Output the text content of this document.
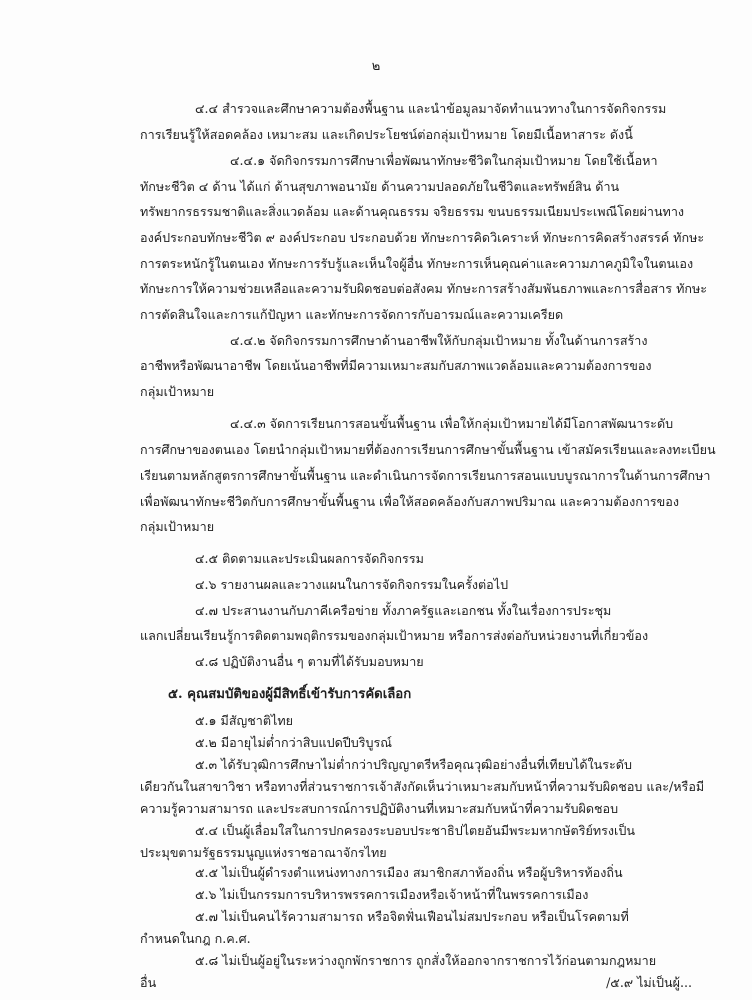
๒
๔.๔ สำรวจและศึกษาความต้องพื้นฐาน และนำข้อมูลมาจัดทำแนวทางในการจัดกิจกรรม
การเรียนรู้ให้สอดคล้อง เหมาะสม และเกิดประโยชน์ต่อกลุ่มเป้าหมาย โดยมีเนื้อหาสาระ ดังนี้
๔.๔.๑ จัดกิจกรรมการศึกษาเพื่อพัฒนาทักษะชีวิตในกลุ่มเป้าหมาย โดยใช้เนื้อหา
ทักษะชีวิต ๔ ด้าน ได้แก่ ด้านสุขภาพอนามัย ด้านความปลอดภัยในชีวิตและทรัพย์สิน ด้าน
ทรัพยากรธรรมชาติและสิ่งแวดล้อม และด้านคุณธรรม จริยธรรม ขนบธรรมเนียมประเพณีโดยผ่านทาง
องค์ประกอบทักษะชีวิต ๙ องค์ประกอบ ประกอบด้วย ทักษะการคิดวิเคราะห์ ทักษะการคิดสร้างสรรค์ ทักษะ
การตระหนักรู้ในตนเอง ทักษะการรับรู้และเห็นใจผู้อื่น ทักษะการเห็นคุณค่าและความภาคภูมิใจในตนเอง
ทักษะการให้ความช่วยเหลือและความรับผิดชอบต่อสังคม ทักษะการสร้างสัมพันธภาพและการสื่อสาร ทักษะ
การตัดสินใจและการแก้ปัญหา และทักษะการจัดการกับอารมณ์และความเครียด
๔.๔.๒ จัดกิจกรรมการศึกษาด้านอาชีพให้กับกลุ่มเป้าหมาย ทั้งในด้านการสร้าง
อาชีพหรือพัฒนาอาชีพ โดยเน้นอาชีพที่มีความเหมาะสมกับสภาพแวดล้อมและความต้องการของ
กลุ่มเป้าหมาย
๔.๔.๓ จัดการเรียนการสอนขั้นพื้นฐาน เพื่อให้กลุ่มเป้าหมายได้มีโอกาสพัฒนาระดับ
การศึกษาของตนเอง โดยนำกลุ่มเป้าหมายที่ต้องการเรียนการศึกษาขั้นพื้นฐาน เข้าสมัครเรียนและลงทะเบียน
เรียนตามหลักสูตรการศึกษาขั้นพื้นฐาน และดำเนินการจัดการเรียนการสอนแบบบูรณาการในด้านการศึกษา
เพื่อพัฒนาทักษะชีวิตกับการศึกษาขั้นพื้นฐาน เพื่อให้สอดคล้องกับสภาพปริมาณ และความต้องการของ
กลุ่มเป้าหมาย
๔.๕ ติดตามและประเมินผลการจัดกิจกรรม
๔.๖ รายงานผลและวางแผนในการจัดกิจกรรมในครั้งต่อไป
๔.๗ ประสานงานกับภาคีเครือข่าย ทั้งภาครัฐและเอกชน ทั้งในเรื่องการประชุม
แลกเปลี่ยนเรียนรู้การติดตามพฤติกรรมของกลุ่มเป้าหมาย หรือการส่งต่อกับหน่วยงานที่เกี่ยวข้อง
๔.๘ ปฏิบัติงานอื่น ๆ ตามที่ได้รับมอบหมาย
๕. คุณสมบัติของผู้มีสิทธิ์เข้ารับการคัดเลือก
๕.๑ มีสัญชาติไทย
๕.๒ มีอายุไม่ต่ำกว่าสิบแปดปีบริบูรณ์
๕.๓ ได้รับวุฒิการศึกษาไม่ต่ำกว่าปริญญาตรีหรือคุณวุฒิอย่างอื่นที่เทียบได้ในระดับ
เดียวกันในสาขาวิชา หรือทางที่ส่วนราชการเจ้าสังกัดเห็นว่าเหมาะสมกับหน้าที่ความรับผิดชอบ และ/หรือมี
ความรู้ความสามารถ และประสบการณ์การปฏิบัติงานที่เหมาะสมกับหน้าที่ความรับผิดชอบ
๕.๔ เป็นผู้เลื่อมใสในการปกครองระบอบประชาธิปไตยอันมีพระมหากษัตริย์ทรงเป็น
ประมุขตามรัฐธรรมนูญแห่งราชอาณาจักรไทย
๕.๕ ไม่เป็นผู้ดำรงตำแหน่งทางการเมือง สมาชิกสภาท้องถิ่น หรือผู้บริหารท้องถิ่น
๕.๖ ไม่เป็นกรรมการบริหารพรรคการเมืองหรือเจ้าหน้าที่ในพรรคการเมือง
๕.๗ ไม่เป็นคนไร้ความสามารถ หรือจิตฟั่นเฟือนไม่สมประกอบ หรือเป็นโรคตามที่
กำหนดในกฎ ก.ค.ศ.
๕.๘ ไม่เป็นผู้อยู่ในระหว่างถูกพักราชการ ถูกสั่งให้ออกจากราชการไว้ก่อนตามกฎหมาย
อื่น	/๕.๙ ไม่เป็นผู้...
